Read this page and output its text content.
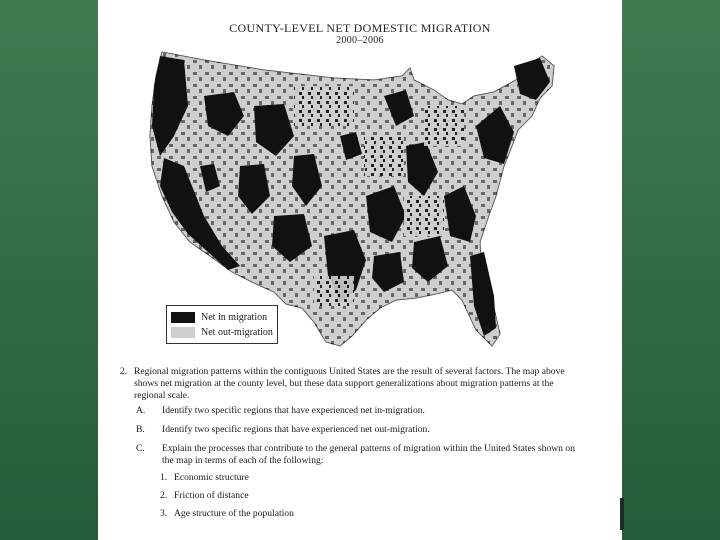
COUNTY-LEVEL NET DOMESTIC MIGRATION
2000–2006
Net in migration
Net out-migration
2. Regional migration patterns within the contiguous United States are the result of several factors. The map above
shows net migration at the county level, but these data support generalizations about migration patterns at the
regional scale.
A. Identify two specific regions that have experienced net in-migration.
B. Identify two specific regions that have experienced net out-migration.
C. Explain the processes that contribute to the general patterns of migration within the United States shown on
the map in terms of each of the following:
1. Economic structure
2. Friction of distance
3. Age structure of the population
